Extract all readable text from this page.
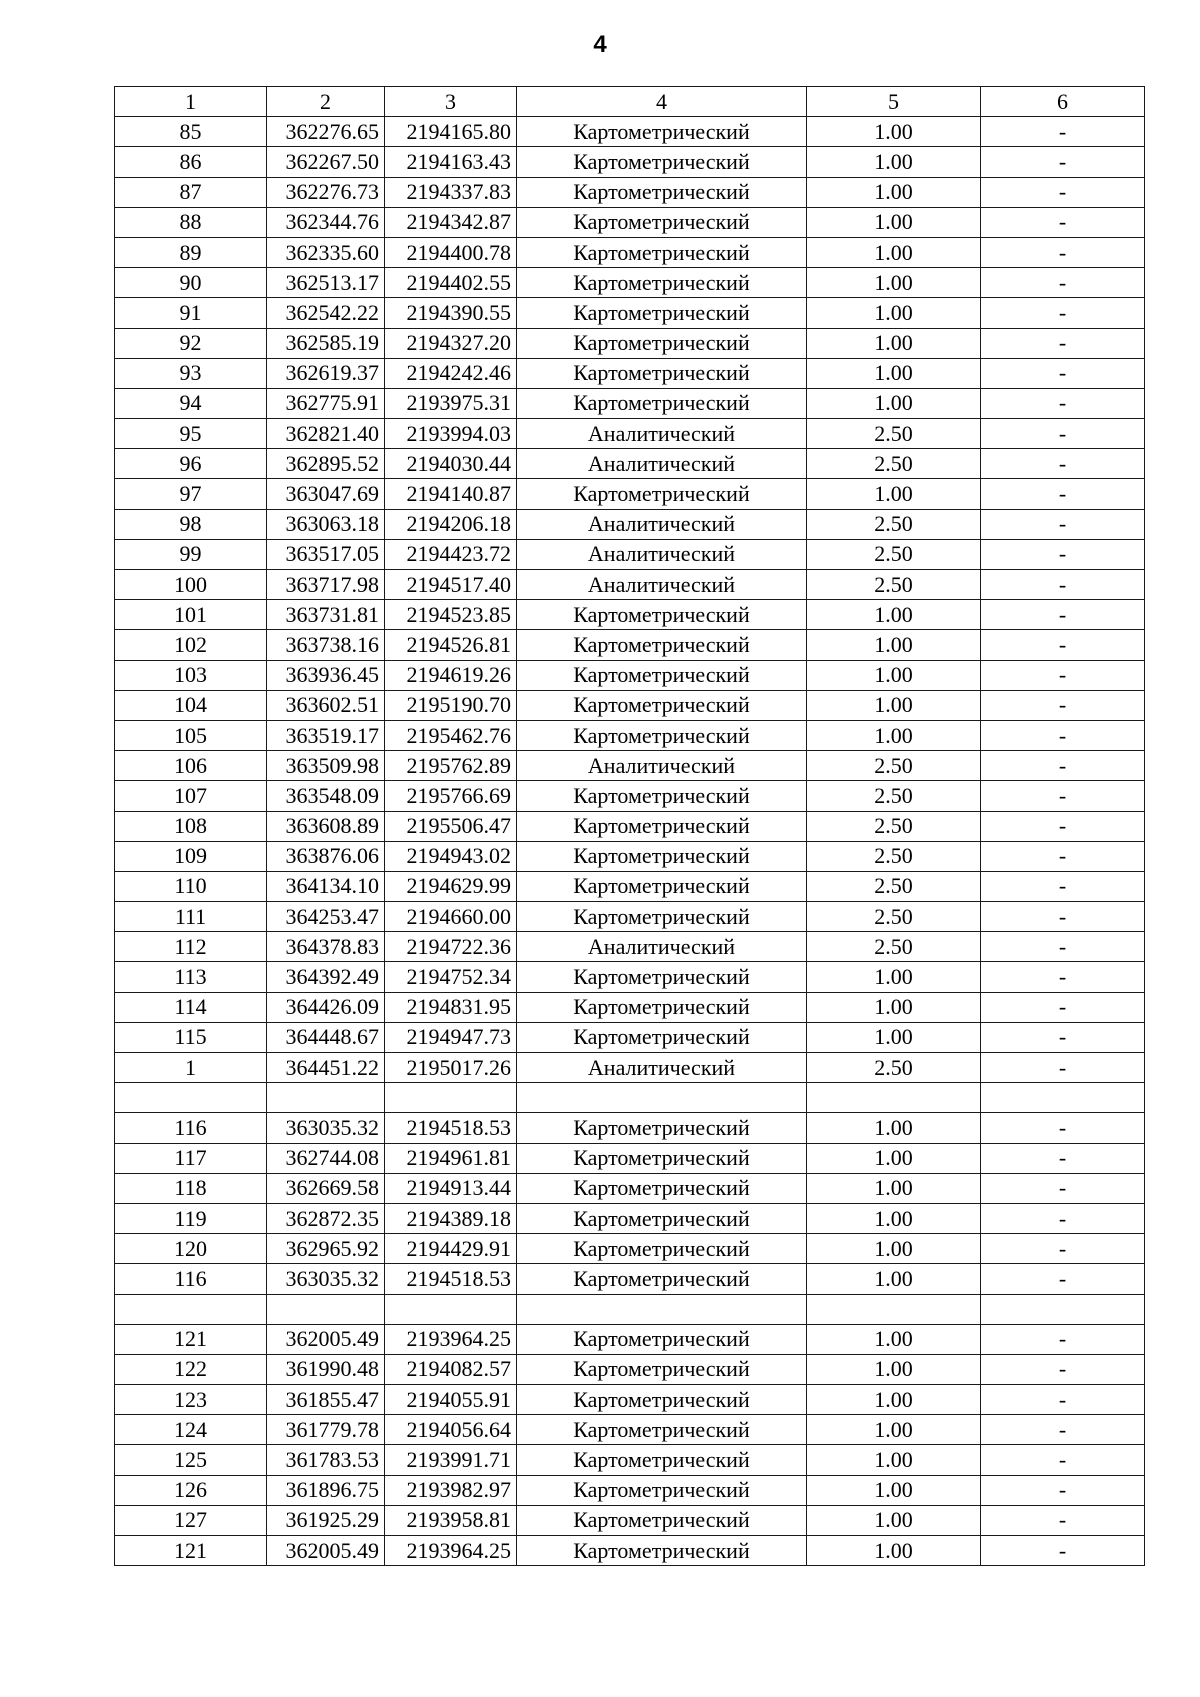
4
1	2	3	4	5	6
85	362276.65	2194165.80	Картометрический	1.00	-
86	362267.50	2194163.43	Картометрический	1.00	-
87	362276.73	2194337.83	Картометрический	1.00	-
88	362344.76	2194342.87	Картометрический	1.00	-
89	362335.60	2194400.78	Картометрический	1.00	-
90	362513.17	2194402.55	Картометрический	1.00	-
91	362542.22	2194390.55	Картометрический	1.00	-
92	362585.19	2194327.20	Картометрический	1.00	-
93	362619.37	2194242.46	Картометрический	1.00	-
94	362775.91	2193975.31	Картометрический	1.00	-
95	362821.40	2193994.03	Аналитический	2.50	-
96	362895.52	2194030.44	Аналитический	2.50	-
97	363047.69	2194140.87	Картометрический	1.00	-
98	363063.18	2194206.18	Аналитический	2.50	-
99	363517.05	2194423.72	Аналитический	2.50	-
100	363717.98	2194517.40	Аналитический	2.50	-
101	363731.81	2194523.85	Картометрический	1.00	-
102	363738.16	2194526.81	Картометрический	1.00	-
103	363936.45	2194619.26	Картометрический	1.00	-
104	363602.51	2195190.70	Картометрический	1.00	-
105	363519.17	2195462.76	Картометрический	1.00	-
106	363509.98	2195762.89	Аналитический	2.50	-
107	363548.09	2195766.69	Картометрический	2.50	-
108	363608.89	2195506.47	Картометрический	2.50	-
109	363876.06	2194943.02	Картометрический	2.50	-
110	364134.10	2194629.99	Картометрический	2.50	-
111	364253.47	2194660.00	Картометрический	2.50	-
112	364378.83	2194722.36	Аналитический	2.50	-
113	364392.49	2194752.34	Картометрический	1.00	-
114	364426.09	2194831.95	Картометрический	1.00	-
115	364448.67	2194947.73	Картометрический	1.00	-
1	364451.22	2195017.26	Аналитический	2.50	-

116	363035.32	2194518.53	Картометрический	1.00	-
117	362744.08	2194961.81	Картометрический	1.00	-
118	362669.58	2194913.44	Картометрический	1.00	-
119	362872.35	2194389.18	Картометрический	1.00	-
120	362965.92	2194429.91	Картометрический	1.00	-
116	363035.32	2194518.53	Картометрический	1.00	-

121	362005.49	2193964.25	Картометрический	1.00	-
122	361990.48	2194082.57	Картометрический	1.00	-
123	361855.47	2194055.91	Картометрический	1.00	-
124	361779.78	2194056.64	Картометрический	1.00	-
125	361783.53	2193991.71	Картометрический	1.00	-
126	361896.75	2193982.97	Картометрический	1.00	-
127	361925.29	2193958.81	Картометрический	1.00	-
121	362005.49	2193964.25	Картометрический	1.00	-
